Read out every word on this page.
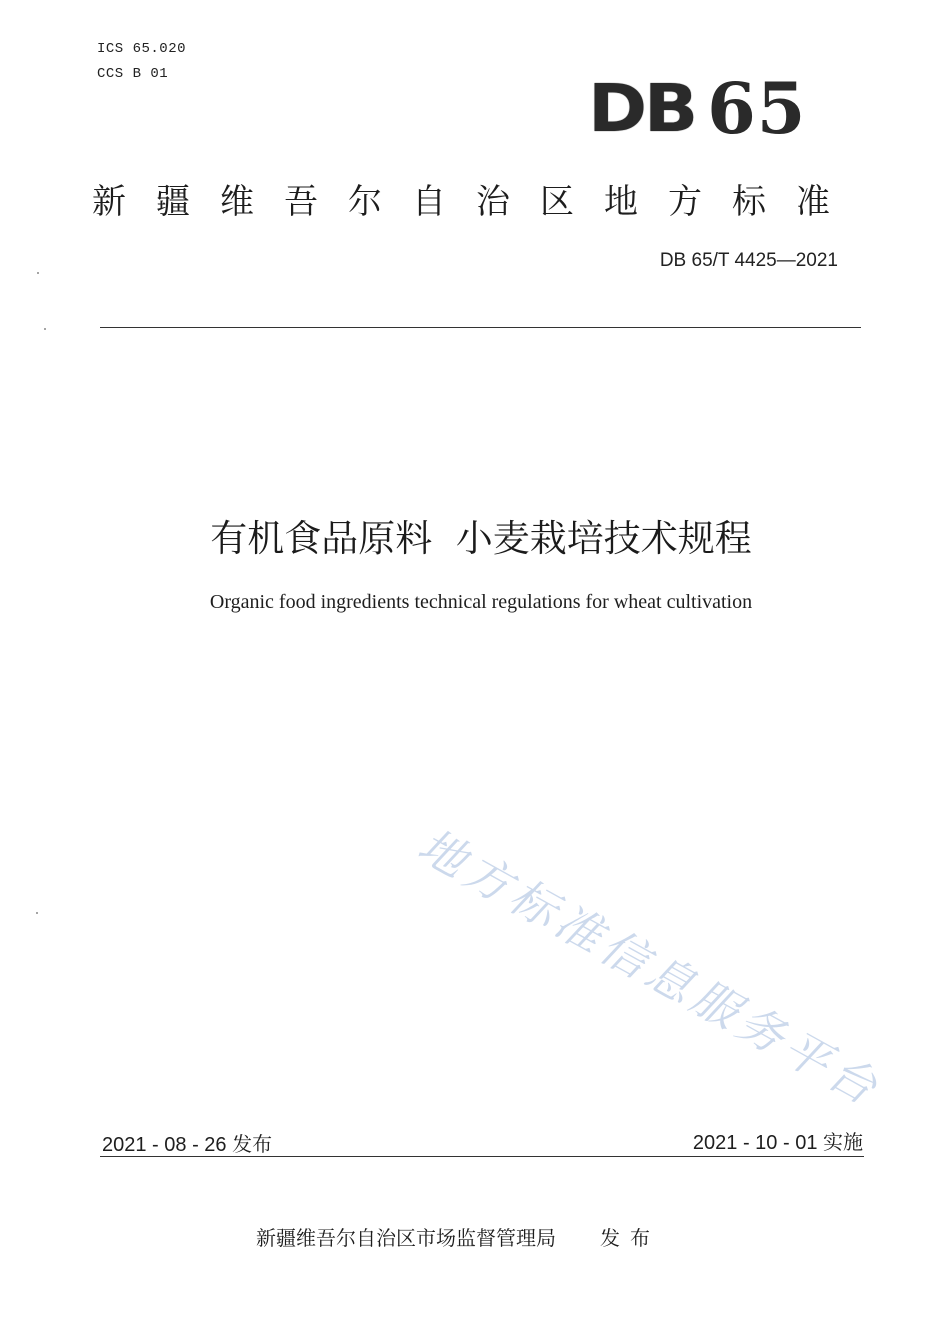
ICS 65.020
CCS B 01	DB 65
新疆维吾尔自治区地方标准
DB 65/T 4425—2021
有机食品原料  小麦栽培技术规程
Organic food ingredients technical regulations for wheat cultivation
地方标准信息服务平台
2021 - 08 - 26 发布	2021 - 10 - 01 实施
新疆维吾尔自治区市场监督管理局 发布
